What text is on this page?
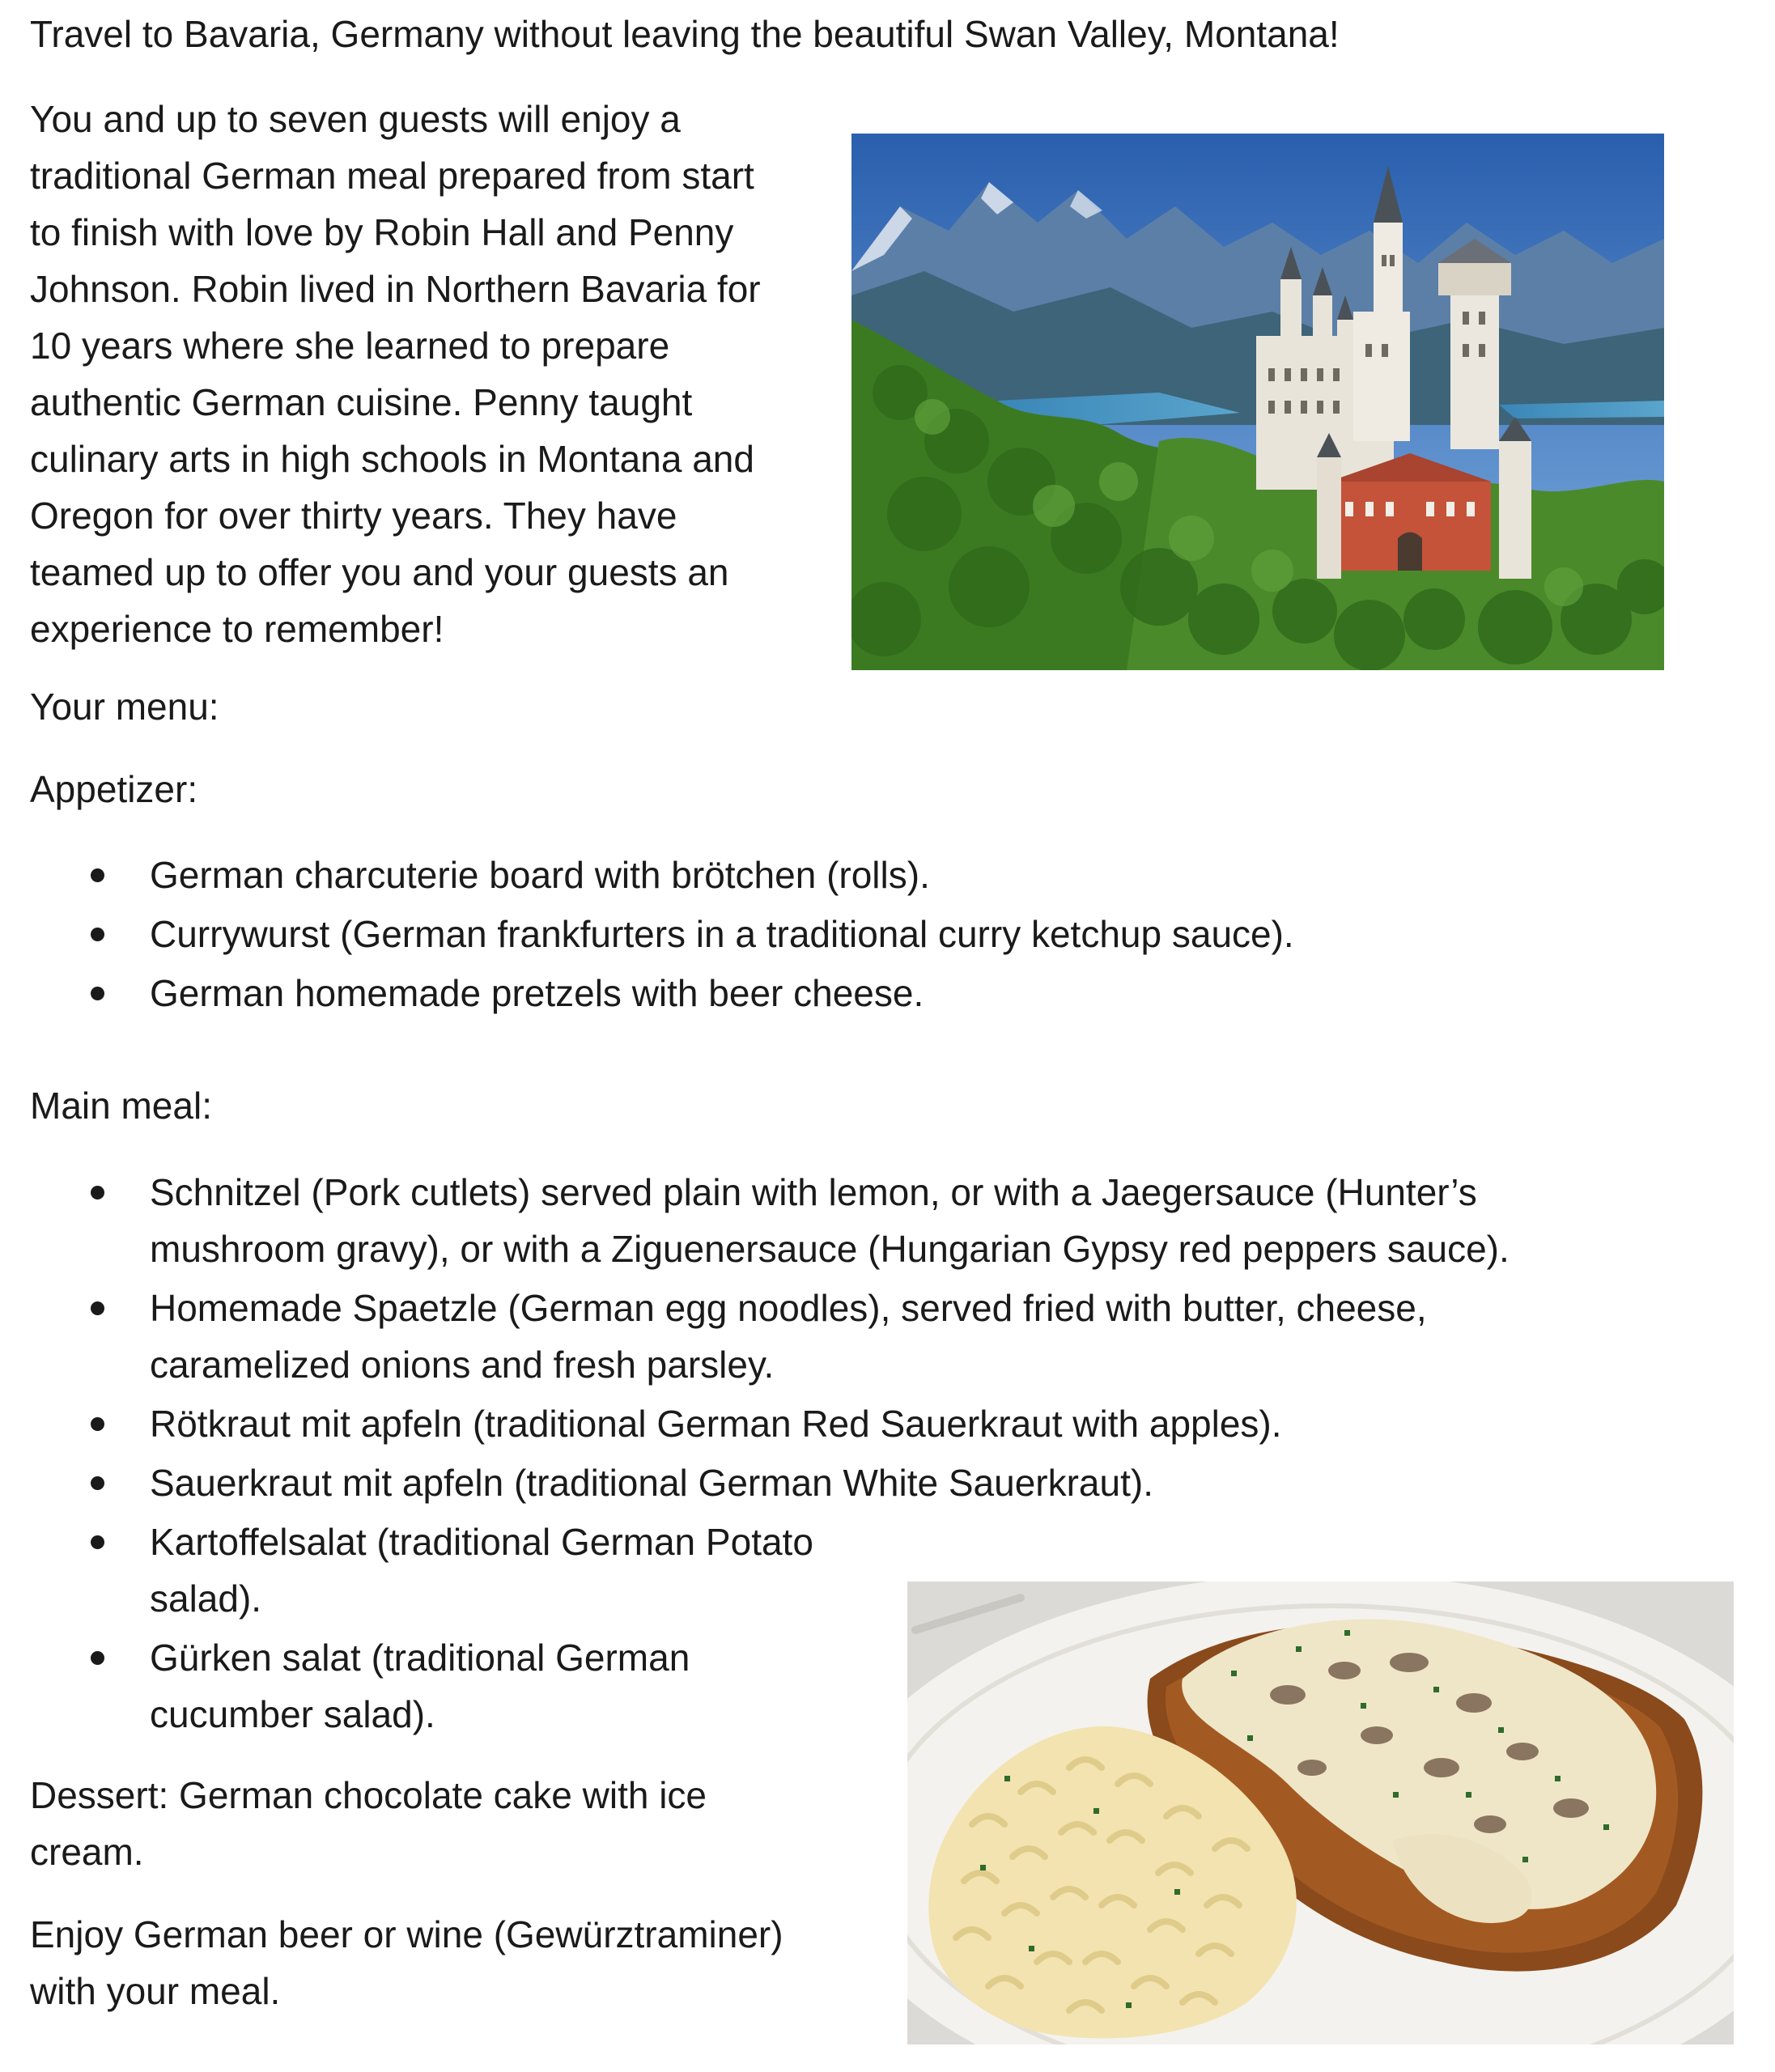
Travel to Bavaria, Germany without leaving the beautiful Swan Valley, Montana!

You and up to seven guests will enjoy a
traditional German meal prepared from start
to finish with love by Robin Hall and Penny
Johnson. Robin lived in Northern Bavaria for
10 years where she learned to prepare
authentic German cuisine. Penny taught
culinary arts in high schools in Montana and
Oregon for over thirty years. They have
teamed up to offer you and your guests an
experience to remember!

Your menu:

Appetizer:

German charcuterie board with brötchen (rolls).
Currywurst (German frankfurters in a traditional curry ketchup sauce).
German homemade pretzels with beer cheese.

Main meal:

Schnitzel (Pork cutlets) served plain with lemon, or with a Jaegersauce (Hunter’s
mushroom gravy), or with a Ziguenersauce (Hungarian Gypsy red peppers sauce).
Homemade Spaetzle (German egg noodles), served fried with butter, cheese,
caramelized onions and fresh parsley.
Rötkraut mit apfeln (traditional German Red Sauerkraut with apples).
Sauerkraut mit apfeln (traditional German White Sauerkraut).
Kartoffelsalat (traditional German Potato
salad).
Gürken salat (traditional German
cucumber salad).
Dessert: German chocolate cake with ice
cream.
Enjoy German beer or wine (Gewürztraminer)
with your meal.
